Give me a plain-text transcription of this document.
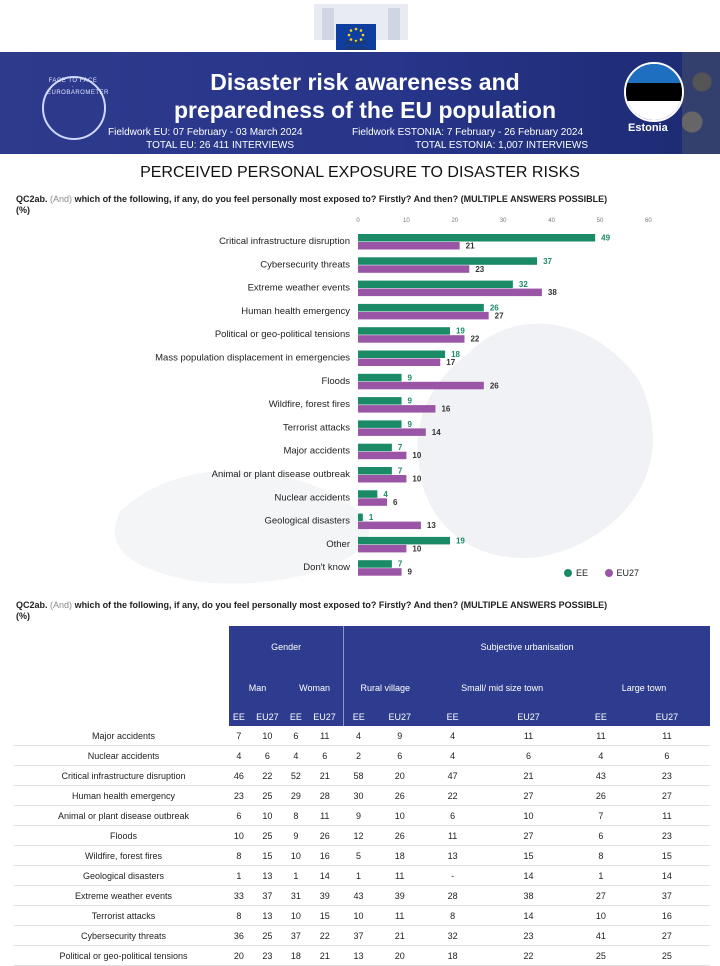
European Commission
FACE TO FACE · EUROBAROMETER	Disaster risk awareness and
preparedness of the EU population
Fieldwork EU: 07 February - 03 March 2024
TOTAL EU: 26 411 INTERVIEWS
Fieldwork ESTONIA: 7 February - 26 February 2024
TOTAL ESTONIA: 1,007 INTERVIEWS
Estonia
PERCEIVED PERSONAL EXPOSURE TO DISASTER RISKS
QC2ab. (And) which of the following, if any, do you feel personally most exposed to? Firstly? And then? (MULTIPLE ANSWERS POSSIBLE)
(%)
0	10	20	30	40	50	60
Critical infrastructure disruption	49
21
Cybersecurity threats	37
23
Extreme weather events	32
38
Human health emergency	26
27
Political or geo-political tensions	19
22
Mass population displacement in emergencies	18
17
Floods	9
26
Wildfire, forest fires	9
16
Terrorist attacks	9
14
Major accidents	7
10
Animal or plant disease outbreak	7
10
Nuclear accidents	4
6
Geological disasters 1
13
Other	19
10
Don't know	7
9	EE	EU27
QC2ab. (And) which of the following, if any, do you feel personally most exposed to? Firstly? And then? (MULTIPLE ANSWERS POSSIBLE)
(%)
	Gender				Subjective urbanisation					
	Man		Woman		Rural village		Small/ mid size town		Large town	
	EE	EU27	EE	EU27	EE	EU27	EE	EU27	EE	EU27
Major accidents	7	10	6	11	4	9	4	11	11	11
Nuclear accidents	4	6	4	6	2	6	4	6	4	6
Critical infrastructure disruption	46	22	52	21	58	20	47	21	43	23
Human health emergency	23	25	29	28	30	26	22	27	26	27
Animal or plant disease outbreak	6	10	8	11	9	10	6	10	7	11
Floods	10	25	9	26	12	26	11	27	6	23
Wildfire, forest fires	8	15	10	16	5	18	13	15	8	15
Geological disasters	1	13	1	14	1	11	-	14	1	14
Extreme weather events	33	37	31	39	43	39	28	38	27	37
Terrorist attacks	8	13	10	15	10	11	8	14	10	16
Cybersecurity threats	36	25	37	22	37	21	32	23	41	27
Political or geo-political tensions	20	23	18	21	13	20	18	22	25	25
